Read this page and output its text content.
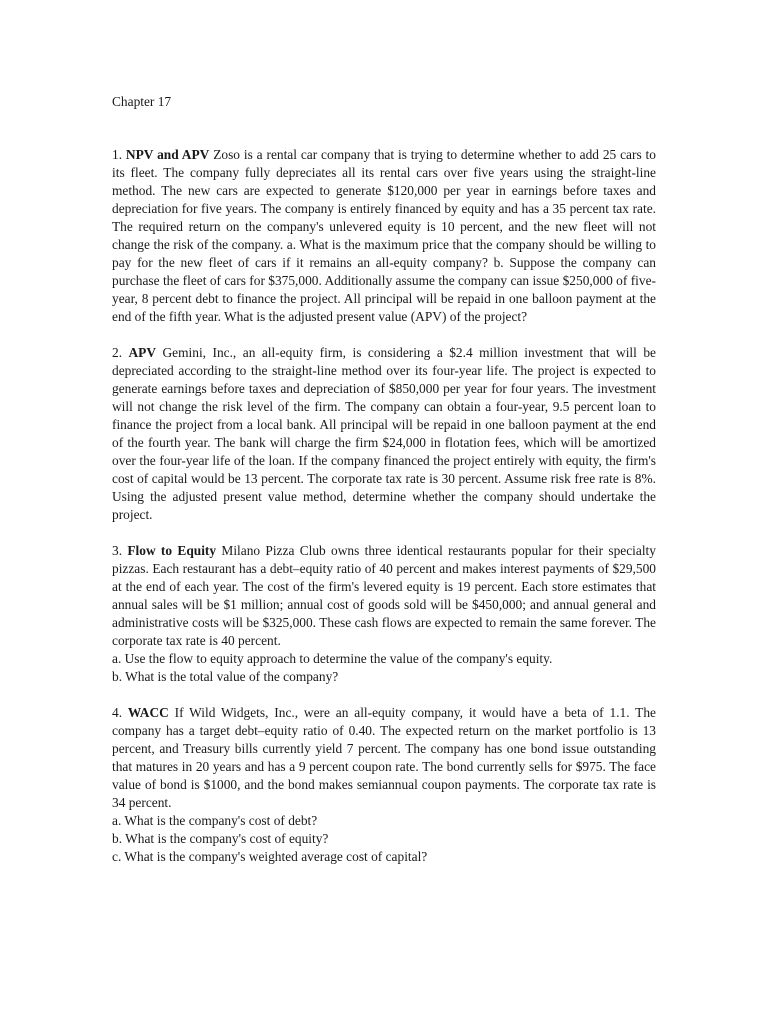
Chapter 17

1. NPV and APV Zoso is a rental car company that is trying to determine whether to add 25 cars to its fleet. The company fully depreciates all its rental cars over five years using the straight-line method. The new cars are expected to generate $120,000 per year in earnings before taxes and depreciation for five years. The company is entirely financed by equity and has a 35 percent tax rate. The required return on the company's unlevered equity is 10 percent, and the new fleet will not change the risk of the company. a. What is the maximum price that the company should be willing to pay for the new fleet of cars if it remains an all-equity company? b. Suppose the company can purchase the fleet of cars for $375,000. Additionally assume the company can issue $250,000 of five-year, 8 percent debt to finance the project. All principal will be repaid in one balloon payment at the end of the fifth year. What is the adjusted present value (APV) of the project?

2. APV Gemini, Inc., an all-equity firm, is considering a $2.4 million investment that will be depreciated according to the straight-line method over its four-year life. The project is expected to generate earnings before taxes and depreciation of $850,000 per year for four years. The investment will not change the risk level of the firm. The company can obtain a four-year, 9.5 percent loan to finance the project from a local bank. All principal will be repaid in one balloon payment at the end of the fourth year. The bank will charge the firm $24,000 in flotation fees, which will be amortized over the four-year life of the loan. If the company financed the project entirely with equity, the firm's cost of capital would be 13 percent. The corporate tax rate is 30 percent. Assume risk free rate is 8%. Using the adjusted present value method, determine whether the company should undertake the project.

3. Flow to Equity Milano Pizza Club owns three identical restaurants popular for their specialty pizzas. Each restaurant has a debt–equity ratio of 40 percent and makes interest payments of $29,500 at the end of each year. The cost of the firm's levered equity is 19 percent. Each store estimates that annual sales will be $1 million; annual cost of goods sold will be $450,000; and annual general and administrative costs will be $325,000. These cash flows are expected to remain the same forever. The corporate tax rate is 40 percent.

a. Use the flow to equity approach to determine the value of the company's equity.

b. What is the total value of the company?

4. WACC If Wild Widgets, Inc., were an all-equity company, it would have a beta of 1.1. The company has a target debt–equity ratio of 0.40. The expected return on the market portfolio is 13 percent, and Treasury bills currently yield 7 percent. The company has one bond issue outstanding that matures in 20 years and has a 9 percent coupon rate. The bond currently sells for $975. The face value of bond is $1000, and the bond makes semiannual coupon payments. The corporate tax rate is 34 percent.

a. What is the company's cost of debt?

b. What is the company's cost of equity?

c. What is the company's weighted average cost of capital?
